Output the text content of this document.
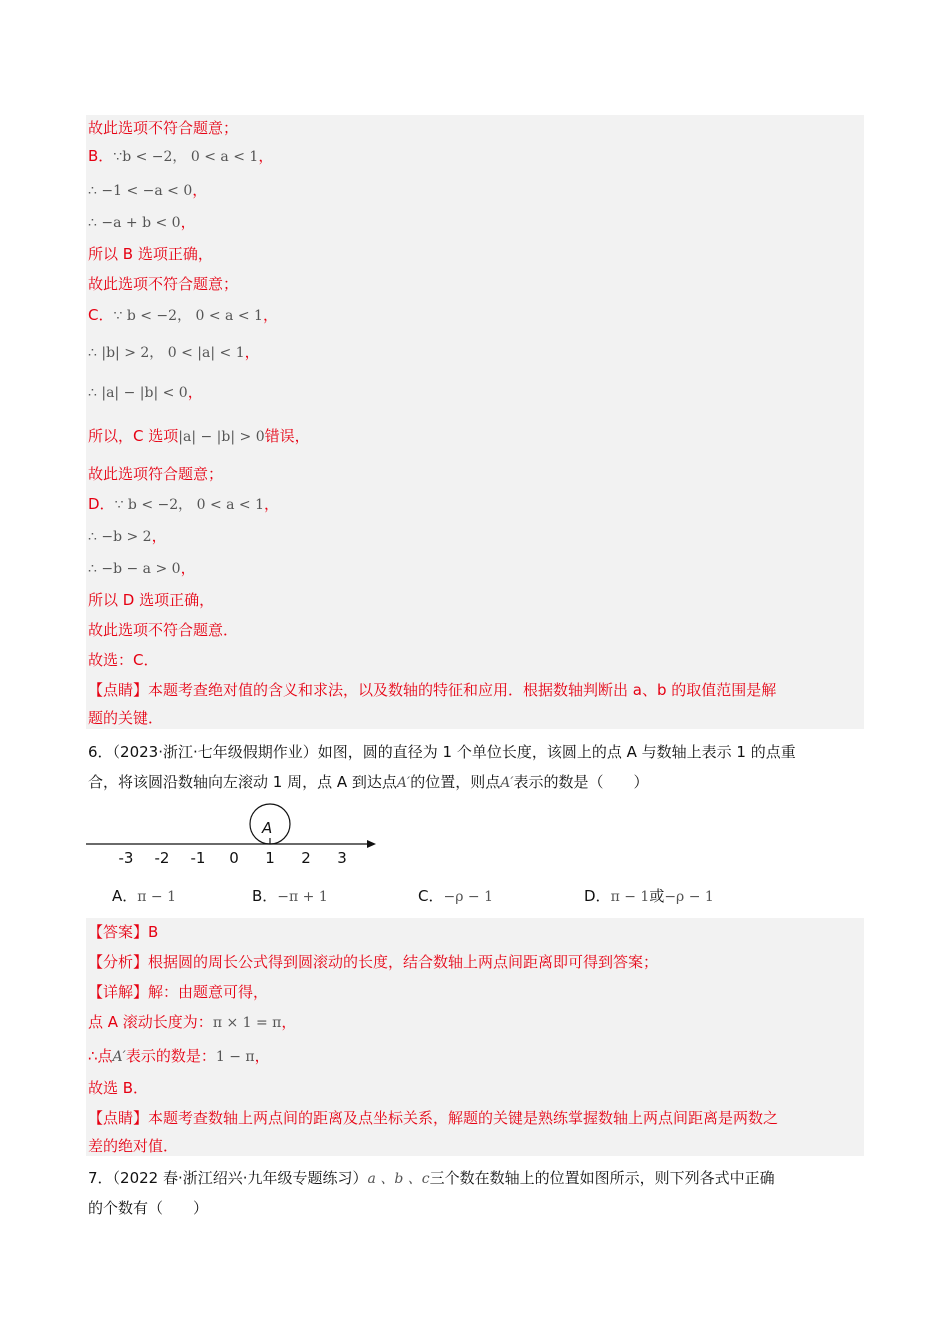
故此选项不符合题意；
B．∵b < −2， 0 < a < 1，
∴ −1 < −a < 0，
∴ −a + b < 0，
所以 B 选项正确，
故此选项不符合题意；
C．∵ b < −2， 0 < a < 1，
∴ |b| > 2， 0 < |a| < 1，
∴ |a| − |b| < 0，
所以，C 选项|a| − |b| > 0错误，
故此选项符合题意；
D．∵ b < −2， 0 < a < 1，
∴ −b > 2，
∴ −b − a > 0，
所以 D 选项正确，
故此选项不符合题意．
故选：C．
【点睛】本题考查绝对值的含义和求法，以及数轴的特征和应用．根据数轴判断出 a、b 的取值范围是解
题的关键．
6．（2023·浙江·七年级假期作业）如图，圆的直径为 1 个单位长度，该圆上的点 A 与数轴上表示 1 的点重
合，将该圆沿数轴向左滚动 1 周，点 A 到达点A′的位置，则点A′表示的数是（　　）
A
-3 -2 -1 0 1 2 3
A．π − 1	B．−π + 1	C．−ρ − 1	D．π − 1或−ρ − 1
【答案】B
【分析】根据圆的周长公式得到圆滚动的长度，结合数轴上两点间距离即可得到答案；
【详解】解：由题意可得，
点 A 滚动长度为：π × 1 = π，
∴点A′表示的数是：1 − π，
故选 B．
【点睛】本题考查数轴上两点间的距离及点坐标关系，解题的关键是熟练掌握数轴上两点间距离是两数之
差的绝对值．
7．（2022 春·浙江绍兴·九年级专题练习）a 、b 、c三个数在数轴上的位置如图所示，则下列各式中正确
的个数有（　　）
